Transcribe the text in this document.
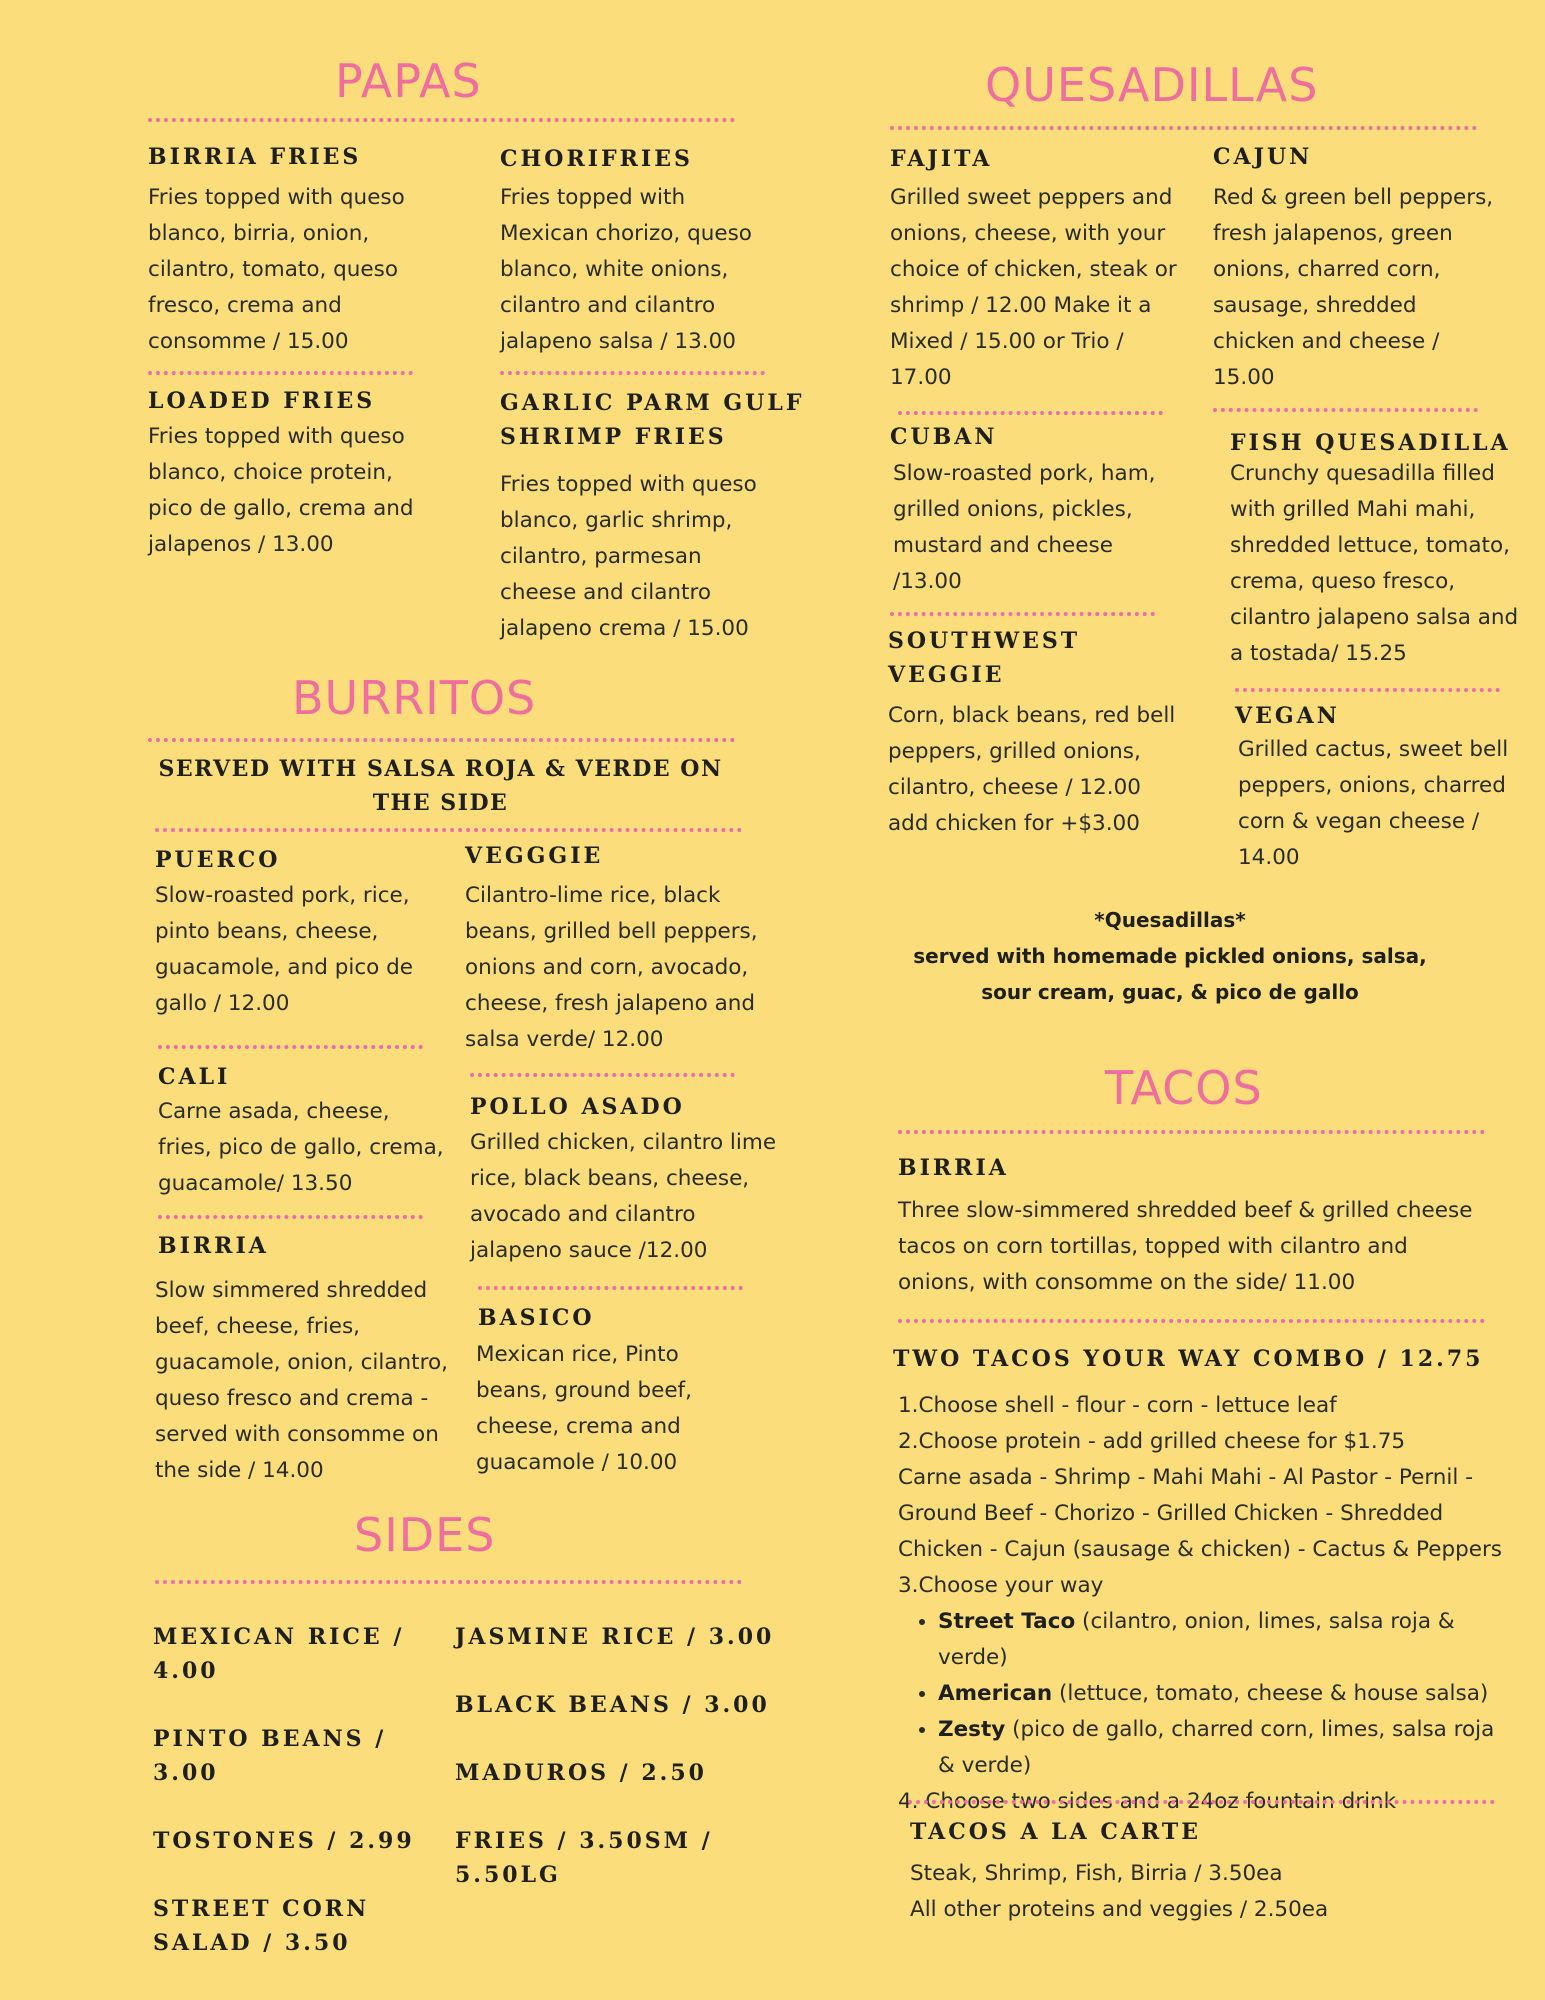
PAPAS
BIRRIA FRIES
Fries topped with queso blanco, birria, onion, cilantro, tomato, queso fresco, crema and consomme / 15.00
CHORIFRIES
Fries topped with Mexican chorizo, queso blanco, white onions, cilantro and cilantro jalapeno salsa / 13.00
LOADED FRIES
Fries topped with queso blanco, choice protein, pico de gallo, crema and jalapenos / 13.00
GARLIC PARM GULF SHRIMP FRIES
Fries topped with queso blanco, garlic shrimp, cilantro, parmesan cheese and cilantro jalapeno crema / 15.00
BURRITOS
SERVED WITH SALSA ROJA & VERDE ON THE SIDE
PUERCO
Slow-roasted pork, rice, pinto beans, cheese, guacamole, and pico de gallo / 12.00
VEGGGIE
Cilantro-lime rice, black beans, grilled bell peppers, onions and corn, avocado, cheese, fresh jalapeno and salsa verde/ 12.00
CALI
Carne asada, cheese, fries, pico de gallo, crema, guacamole/ 13.50
POLLO ASADO
Grilled chicken, cilantro lime rice, black beans, cheese, avocado and cilantro jalapeno sauce /12.00
BIRRIA
Slow simmered shredded beef, cheese, fries, guacamole, onion, cilantro, queso fresco and crema - served with consomme on the side / 14.00
BASICO
Mexican rice, Pinto beans, ground beef, cheese, crema and guacamole / 10.00
SIDES
MEXICAN RICE / 4.00
JASMINE RICE / 3.00
BLACK BEANS / 3.00
PINTO BEANS / 3.00	MADUROS / 2.50
TOSTONES / 2.99	FRIES / 3.50SM / 5.50LG
STREET CORN SALAD / 3.50
QUESADILLAS
FAJITA
Grilled sweet peppers and onions, cheese, with your choice of chicken, steak or shrimp / 12.00 Make it a Mixed / 15.00 or Trio / 17.00
CAJUN
Red & green bell peppers, fresh jalapenos, green onions, charred corn, sausage, shredded chicken and cheese / 15.00
CUBAN
Slow-roasted pork, ham, grilled onions, pickles, mustard and cheese /13.00
FISH QUESADILLA
Crunchy quesadilla filled with grilled Mahi mahi, shredded lettuce, tomato, crema, queso fresco, cilantro jalapeno salsa and a tostada/ 15.25
SOUTHWEST VEGGIE
Corn, black beans, red bell peppers, grilled onions, cilantro, cheese / 12.00 add chicken for +$3.00
VEGAN
Grilled cactus, sweet bell peppers, onions, charred corn & vegan cheese / 14.00
*Quesadillas*
served with homemade pickled onions, salsa, sour cream, guac, & pico de gallo
TACOS
BIRRIA
Three slow-simmered shredded beef & grilled cheese tacos on corn tortillas, topped with cilantro and onions, with consomme on the side/ 11.00
TWO TACOS YOUR WAY COMBO / 12.75
1.Choose shell - flour - corn - lettuce leaf
2.Choose protein - add grilled cheese for $1.75
Carne asada - Shrimp - Mahi Mahi - Al Pastor - Pernil - Ground Beef - Chorizo - Grilled Chicken - Shredded Chicken - Cajun (sausage & chicken) - Cactus & Peppers
3.Choose your way
• Street Taco (cilantro, onion, limes, salsa roja & verde)
• American (lettuce, tomato, cheese & house salsa)
• Zesty (pico de gallo, charred corn, limes, salsa roja & verde)
4. Choose two sides and a 24oz fountain drink
TACOS A LA CARTE
Steak, Shrimp, Fish, Birria / 3.50ea
All other proteins and veggies / 2.50ea
